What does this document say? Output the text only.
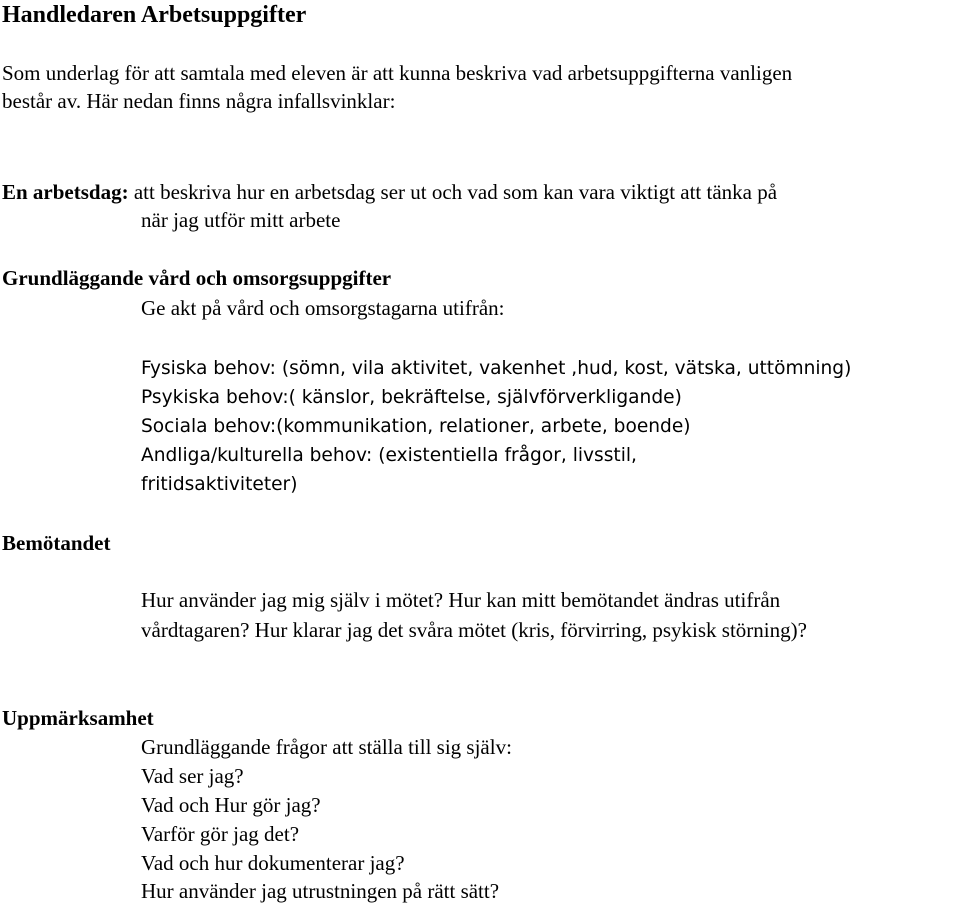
Handledaren Arbetsuppgifter
Som underlag för att samtala med eleven är att kunna beskriva vad arbetsuppgifterna vanligen
består av. Här nedan finns några infallsvinklar:
En arbetsdag: att beskriva hur en arbetsdag ser ut och vad som kan vara viktigt att tänka på
när jag utför mitt arbete
Grundläggande vård och omsorgsuppgifter
Ge akt på vård och omsorgstagarna utifrån:
Fysiska behov: (sömn, vila aktivitet, vakenhet ,hud, kost, vätska, uttömning)
Psykiska behov:( känslor, bekräftelse, självförverkligande)
Sociala behov:(kommunikation, relationer, arbete, boende)
Andliga/kulturella behov: (existentiella frågor, livsstil,
fritidsaktiviteter)
Bemötandet
Hur använder jag mig själv i mötet? Hur kan mitt bemötandet ändras utifrån
vårdtagaren? Hur klarar jag det svåra mötet (kris, förvirring, psykisk störning)?
Uppmärksamhet
Grundläggande frågor att ställa till sig själv:
Vad ser jag?
Vad och Hur gör jag?
Varför gör jag det?
Vad och hur dokumenterar jag?
Hur använder jag utrustningen på rätt sätt?
